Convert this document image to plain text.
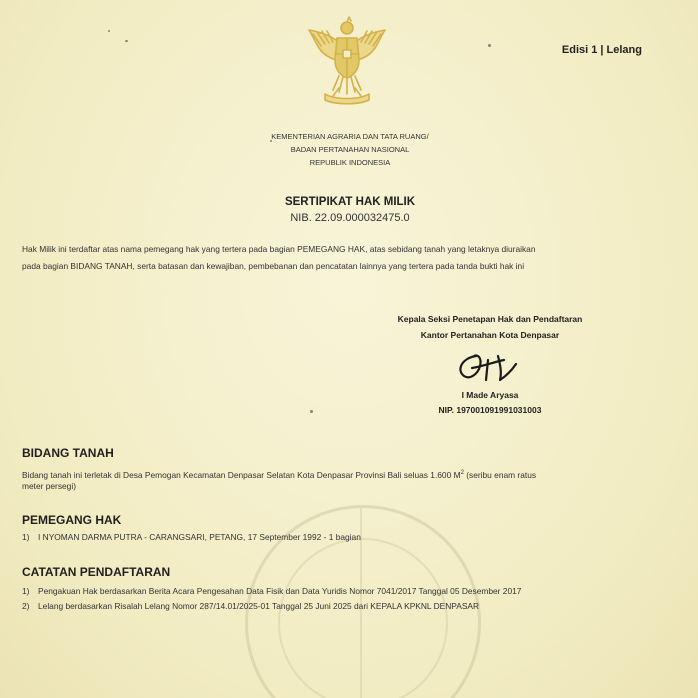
Edisi 1 | Lelang
KEMENTERIAN AGRARIA DAN TATA RUANG/
BADAN PERTANAHAN NASIONAL
REPUBLIK INDONESIA
SERTIPIKAT HAK MILIK
NIB. 22.09.000032475.0
Hak Milik ini terdaftar atas nama pemegang hak yang tertera pada bagian PEMEGANG HAK, atas sebidang tanah yang letaknya diuraikan
pada bagian BIDANG TANAH, serta batasan dan kewajiban, pembebanan dan pencatatan lainnya yang tertera pada tanda bukti hak ini
Kepala Seksi Penetapan Hak dan Pendaftaran
Kantor Pertanahan Kota Denpasar
I Made Aryasa
NIP. 197001091991031003
BIDANG TANAH
Bidang tanah ini terletak di Desa Pemogan Kecamatan Denpasar Selatan Kota Denpasar Provinsi Bali seluas 1.600 $M^2$ (seribu enam ratus
meter persegi)
PEMEGANG HAK
1) I NYOMAN DARMA PUTRA - CARANGSARI, PETANG, 17 September 1992 - 1 bagian
CATATAN PENDAFTARAN
1) Pengakuan Hak berdasarkan Berita Acara Pengesahan Data Fisik dan Data Yuridis Nomor 7041/2017 Tanggal 05 Desember 2017
2) Lelang berdasarkan Risalah Lelang Nomor 287/14.01/2025-01 Tanggal 25 Juni 2025 dari KEPALA KPKNL DENPASAR
